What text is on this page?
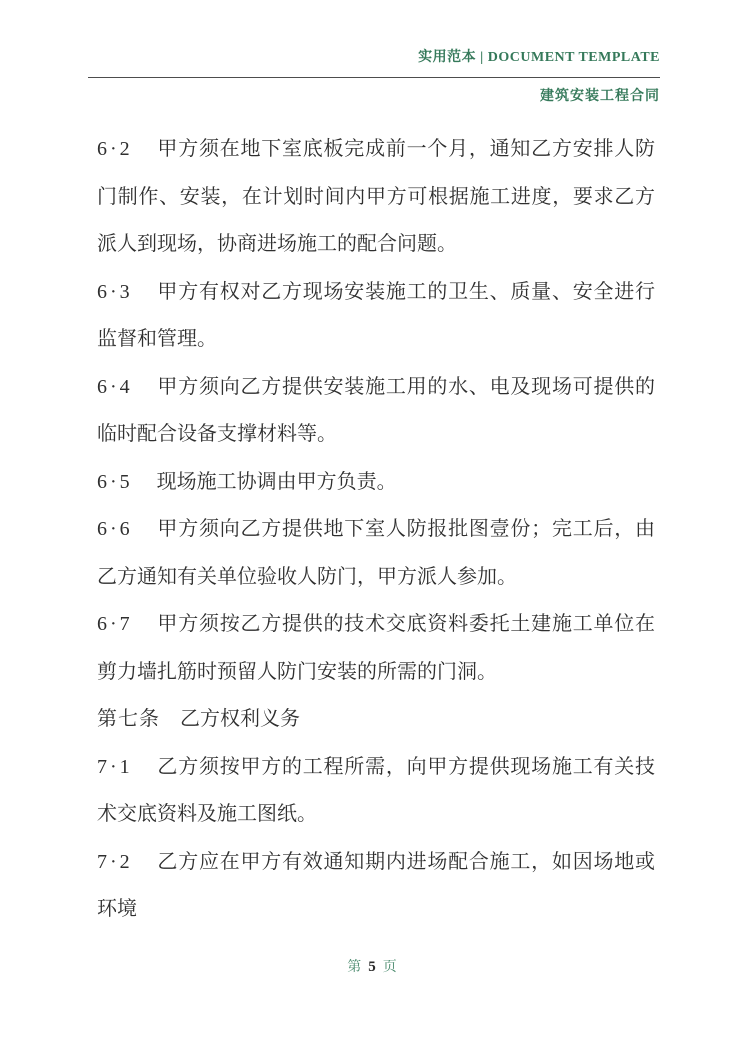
实用范本 | DOCUMENT TEMPLATE
建筑安装工程合同

6·2 甲方须在地下室底板完成前一个月，通知乙方安排人防门制作、安装，在计划时间内甲方可根据施工进度，要求乙方派人到现场，协商进场施工的配合问题。

6·3 甲方有权对乙方现场安装施工的卫生、质量、安全进行监督和管理。

6·4 甲方须向乙方提供安装施工用的水、电及现场可提供的临时配合设备支撑材料等。

6·5 现场施工协调由甲方负责。

6·6 甲方须向乙方提供地下室人防报批图壹份；完工后，由乙方通知有关单位验收人防门，甲方派人参加。

6·7 甲方须按乙方提供的技术交底资料委托土建施工单位在剪力墙扎筋时预留人防门安装的所需的门洞。

第七条 乙方权利义务

7·1 乙方须按甲方的工程所需，向甲方提供现场施工有关技术交底资料及施工图纸。

7·2 乙方应在甲方有效通知期内进场配合施工，如因场地或环境

第 5 页
